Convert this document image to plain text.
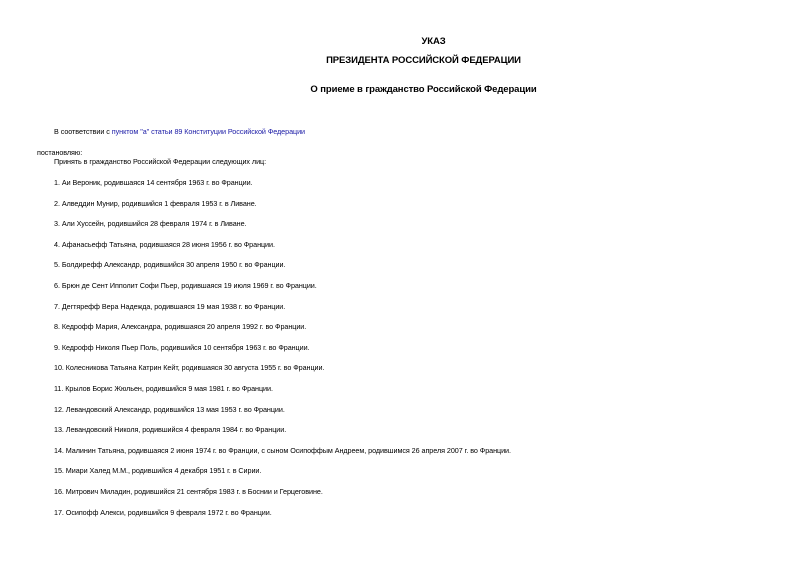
УКАЗ
ПРЕЗИДЕНТА РОССИЙСКОЙ ФЕДЕРАЦИИ
О приеме в гражданство Российской Федерации
В соответствии с пунктом "а" статьи 89 Конституции Российской Федерации
постановляю:
Принять в гражданство Российской Федерации следующих лиц:
1. Аи Вероник, родившаяся 14 сентября 1963 г. во Франции.
2. Алведдин Мунир, родившийся 1 февраля 1953 г. в Ливане.
3. Али Хуссейн, родившийся 28 февраля 1974 г. в Ливане.
4. Афанасьефф Татьяна, родившаяся 28 июня 1956 г. во Франции.
5. Болдирефф Александр, родившийся 30 апреля 1950 г. во Франции.
6. Брюн де Сент Ипполит Софи Пьер, родившаяся 19 июля 1969 г. во Франции.
7. Дегтярефф Вера Надежда, родившаяся 19 мая 1938 г. во Франции.
8. Кедрофф Мария, Александра, родившаяся 20 апреля 1992 г. во Франции.
9. Кедрофф Николя Пьер Поль, родившийся 10 сентября 1963 г. во Франции.
10. Колесникова Татьяна Катрин Кейт, родившаяся 30 августа 1955 г. во Франции.
11. Крылов Борис Жюльен, родившийся 9 мая 1981 г. во Франции.
12. Левандовский Александр, родившийся 13 мая 1953 г. во Франции.
13. Левандовский Николя, родившийся 4 февраля 1984 г. во Франции.
14. Малинин Татьяна, родившаяся 2 июня 1974 г. во Франции, с сыном Осипоффым Андреем, родившимся 26 апреля 2007 г. во Франции.
15. Миари Халед М.М., родившийся 4 декабря 1951 г. в Сирии.
16. Митрович Миладин, родившийся 21 сентября 1983 г. в Боснии и Герцеговине.
17. Осипофф Алекси, родившийся 9 февраля 1972 г. во Франции.
